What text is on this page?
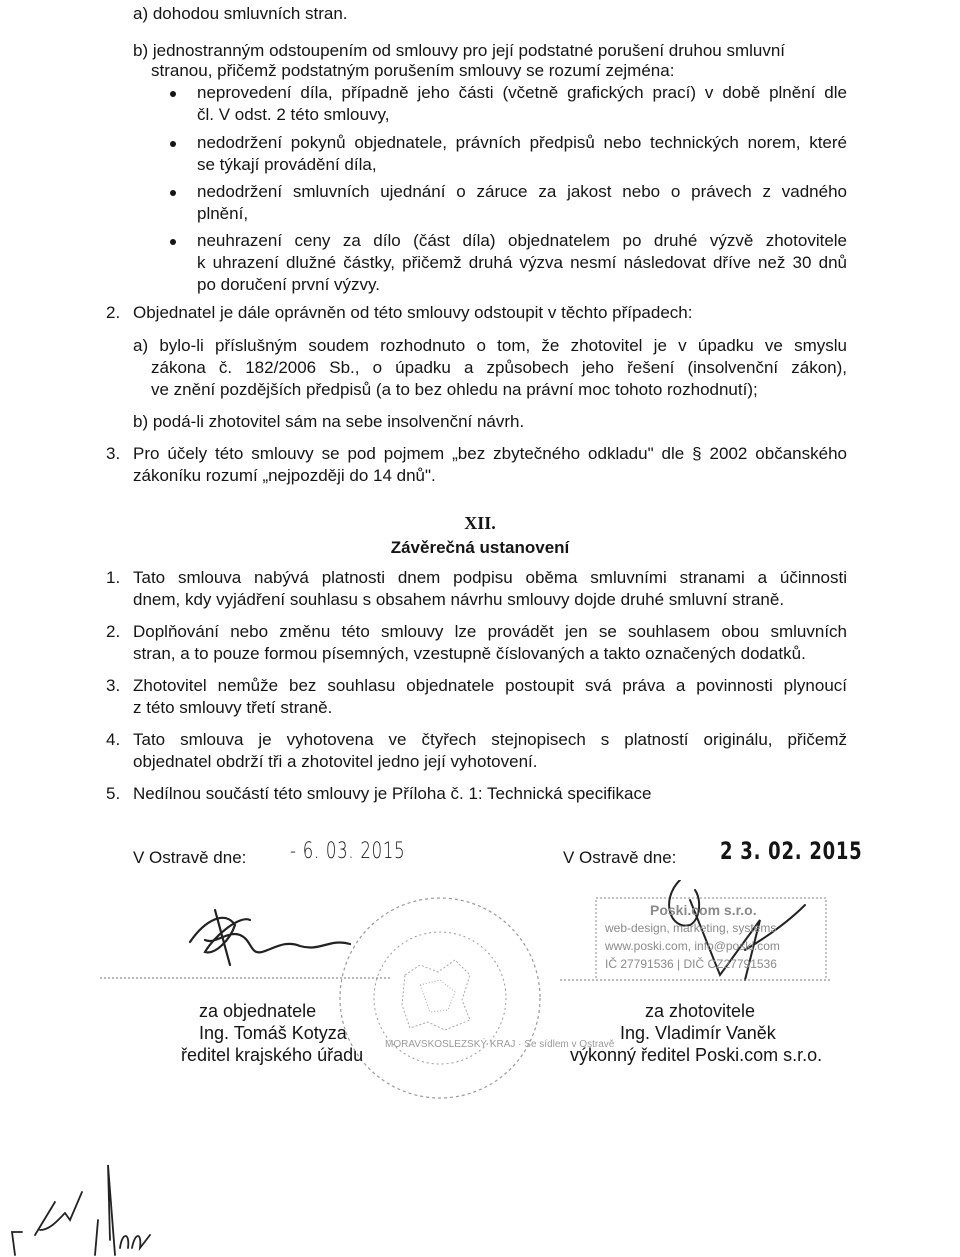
a) dohodou smluvních stran.
b) jednostranným odstoupením od smlouvy pro její podstatné porušení druhou smluvní
stranou, přičemž podstatným porušením smlouvy se rozumí zejména:
neprovedení díla, případně jeho části (včetně grafických prací) v době plnění dle
čl. V odst. 2 této smlouvy,
nedodržení pokynů objednatele, právních předpisů nebo technických norem, které
se týkají provádění díla,
nedodržení smluvních ujednání o záruce za jakost nebo o právech z vadného
plnění,
neuhrazení ceny za dílo (část díla) objednatelem po druhé výzvě zhotovitele
k uhrazení dlužné částky, přičemž druhá výzva nesmí následovat dříve než 30 dnů
po doručení první výzvy.
2. Objednatel je dále oprávněn od této smlouvy odstoupit v těchto případech:
a) bylo-li příslušným soudem rozhodnuto o tom, že zhotovitel je v úpadku ve smyslu
zákona č. 182/2006 Sb., o úpadku a způsobech jeho řešení (insolvenční zákon),
ve znění pozdějších předpisů (a to bez ohledu na právní moc tohoto rozhodnutí);
b) podá-li zhotovitel sám na sebe insolvenční návrh.
3. Pro účely této smlouvy se pod pojmem „bez zbytečného odkladu" dle § 2002 občanského
zákoníku rozumí „nejpozději do 14 dnů".
XII.
Závěrečná ustanovení
1. Tato smlouva nabývá platnosti dnem podpisu oběma smluvními stranami a účinnosti
dnem, kdy vyjádření souhlasu s obsahem návrhu smlouvy dojde druhé smluvní straně.
2. Doplňování nebo změnu této smlouvy lze provádět jen se souhlasem obou smluvních
stran, a to pouze formou písemných, vzestupně číslovaných a takto označených dodatků.
3. Zhotovitel nemůže bez souhlasu objednatele postoupit svá práva a povinnosti plynoucí
z této smlouvy třetí straně.
4. Tato smlouva je vyhotovena ve čtyřech stejnopisech s platností originálu, přičemž
objednatel obdrží tři a zhotovitel jedno její vyhotovení.
5. Nedílnou součástí této smlouvy je Příloha č. 1: Technická specifikace
V Ostravě dne: - 6. 03. 2015	V Ostravě dne: 2 3. 02. 2015
Poski.com s.r.o.
web-design, marketing, systems
www.poski.com, info@poski.com
IČ 27791536 | DIČ CZ27791536
MORAVSKOSLEZSKÝ KRAJ · Se sídlem v Ostravě
za objednatele
Ing. Tomáš Kotyza
ředitel krajského úřadu
za zhotovitele
Ing. Vladimír Vaněk
výkonný ředitel Poski.com s.r.o.
